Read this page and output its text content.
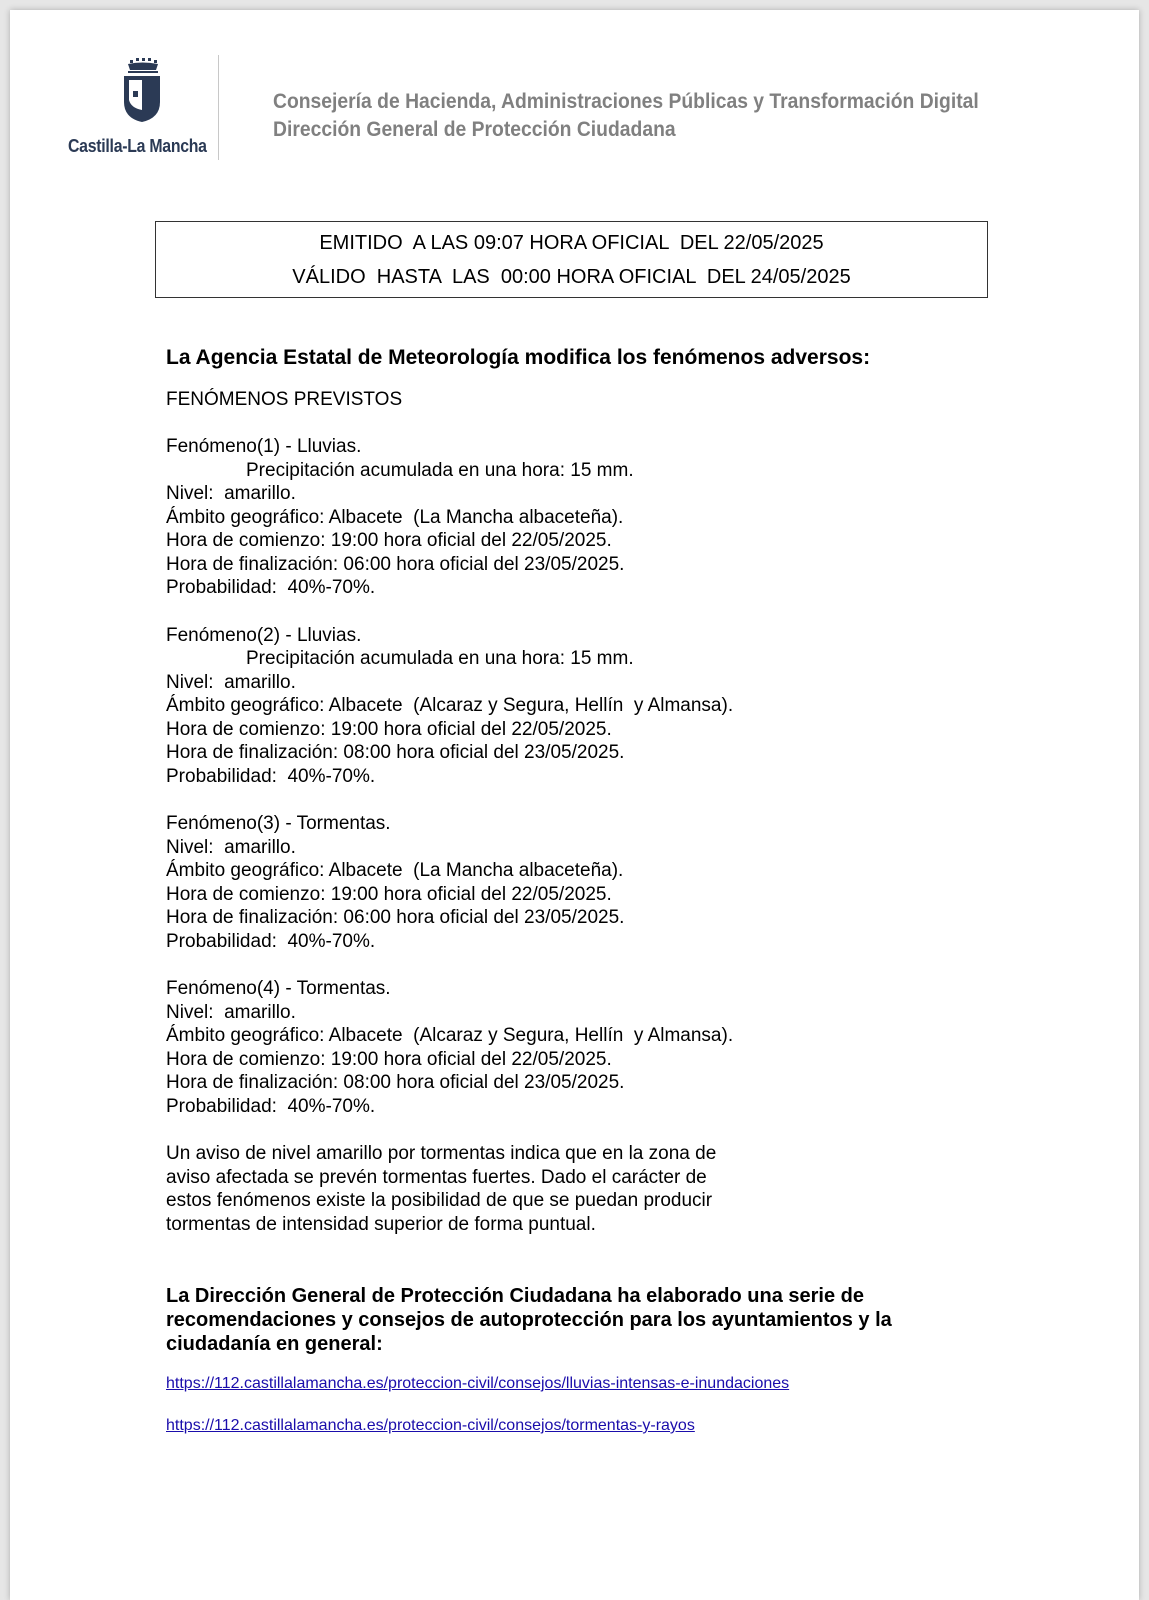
Castilla-La Mancha
Consejería de Hacienda, Administraciones Públicas y Transformación Digital
Dirección General de Protección Ciudadana
EMITIDO  A LAS 09:07 HORA OFICIAL  DEL 22/05/2025
VÁLIDO  HASTA  LAS  00:00 HORA OFICIAL  DEL 24/05/2025
La Agencia Estatal de Meteorología modifica los fenómenos adversos:
FENÓMENOS PREVISTOS
Fenómeno(1) - Lluvias.
Precipitación acumulada en una hora: 15 mm.
Nivel:  amarillo.
Ámbito geográfico: Albacete  (La Mancha albaceteña).
Hora de comienzo: 19:00 hora oficial del 22/05/2025.
Hora de finalización: 06:00 hora oficial del 23/05/2025.
Probabilidad:  40%-70%.
Fenómeno(2) - Lluvias.
Precipitación acumulada en una hora: 15 mm.
Nivel:  amarillo.
Ámbito geográfico: Albacete  (Alcaraz y Segura, Hellín  y Almansa).
Hora de comienzo: 19:00 hora oficial del 22/05/2025.
Hora de finalización: 08:00 hora oficial del 23/05/2025.
Probabilidad:  40%-70%.
Fenómeno(3) - Tormentas.
Nivel:  amarillo.
Ámbito geográfico: Albacete  (La Mancha albaceteña).
Hora de comienzo: 19:00 hora oficial del 22/05/2025.
Hora de finalización: 06:00 hora oficial del 23/05/2025.
Probabilidad:  40%-70%.
Fenómeno(4) - Tormentas.
Nivel:  amarillo.
Ámbito geográfico: Albacete  (Alcaraz y Segura, Hellín  y Almansa).
Hora de comienzo: 19:00 hora oficial del 22/05/2025.
Hora de finalización: 08:00 hora oficial del 23/05/2025.
Probabilidad:  40%-70%.
Un aviso de nivel amarillo por tormentas indica que en la zona de
aviso afectada se prevén tormentas fuertes. Dado el carácter de
estos fenómenos existe la posibilidad de que se puedan producir
tormentas de intensidad superior de forma puntual.
La Dirección General de Protección Ciudadana ha elaborado una serie de recomendaciones y consejos de autoprotección para los ayuntamientos y la ciudadanía en general:
https://112.castillalamancha.es/proteccion-civil/consejos/lluvias-intensas-e-inundaciones
https://112.castillalamancha.es/proteccion-civil/consejos/tormentas-y-rayos
